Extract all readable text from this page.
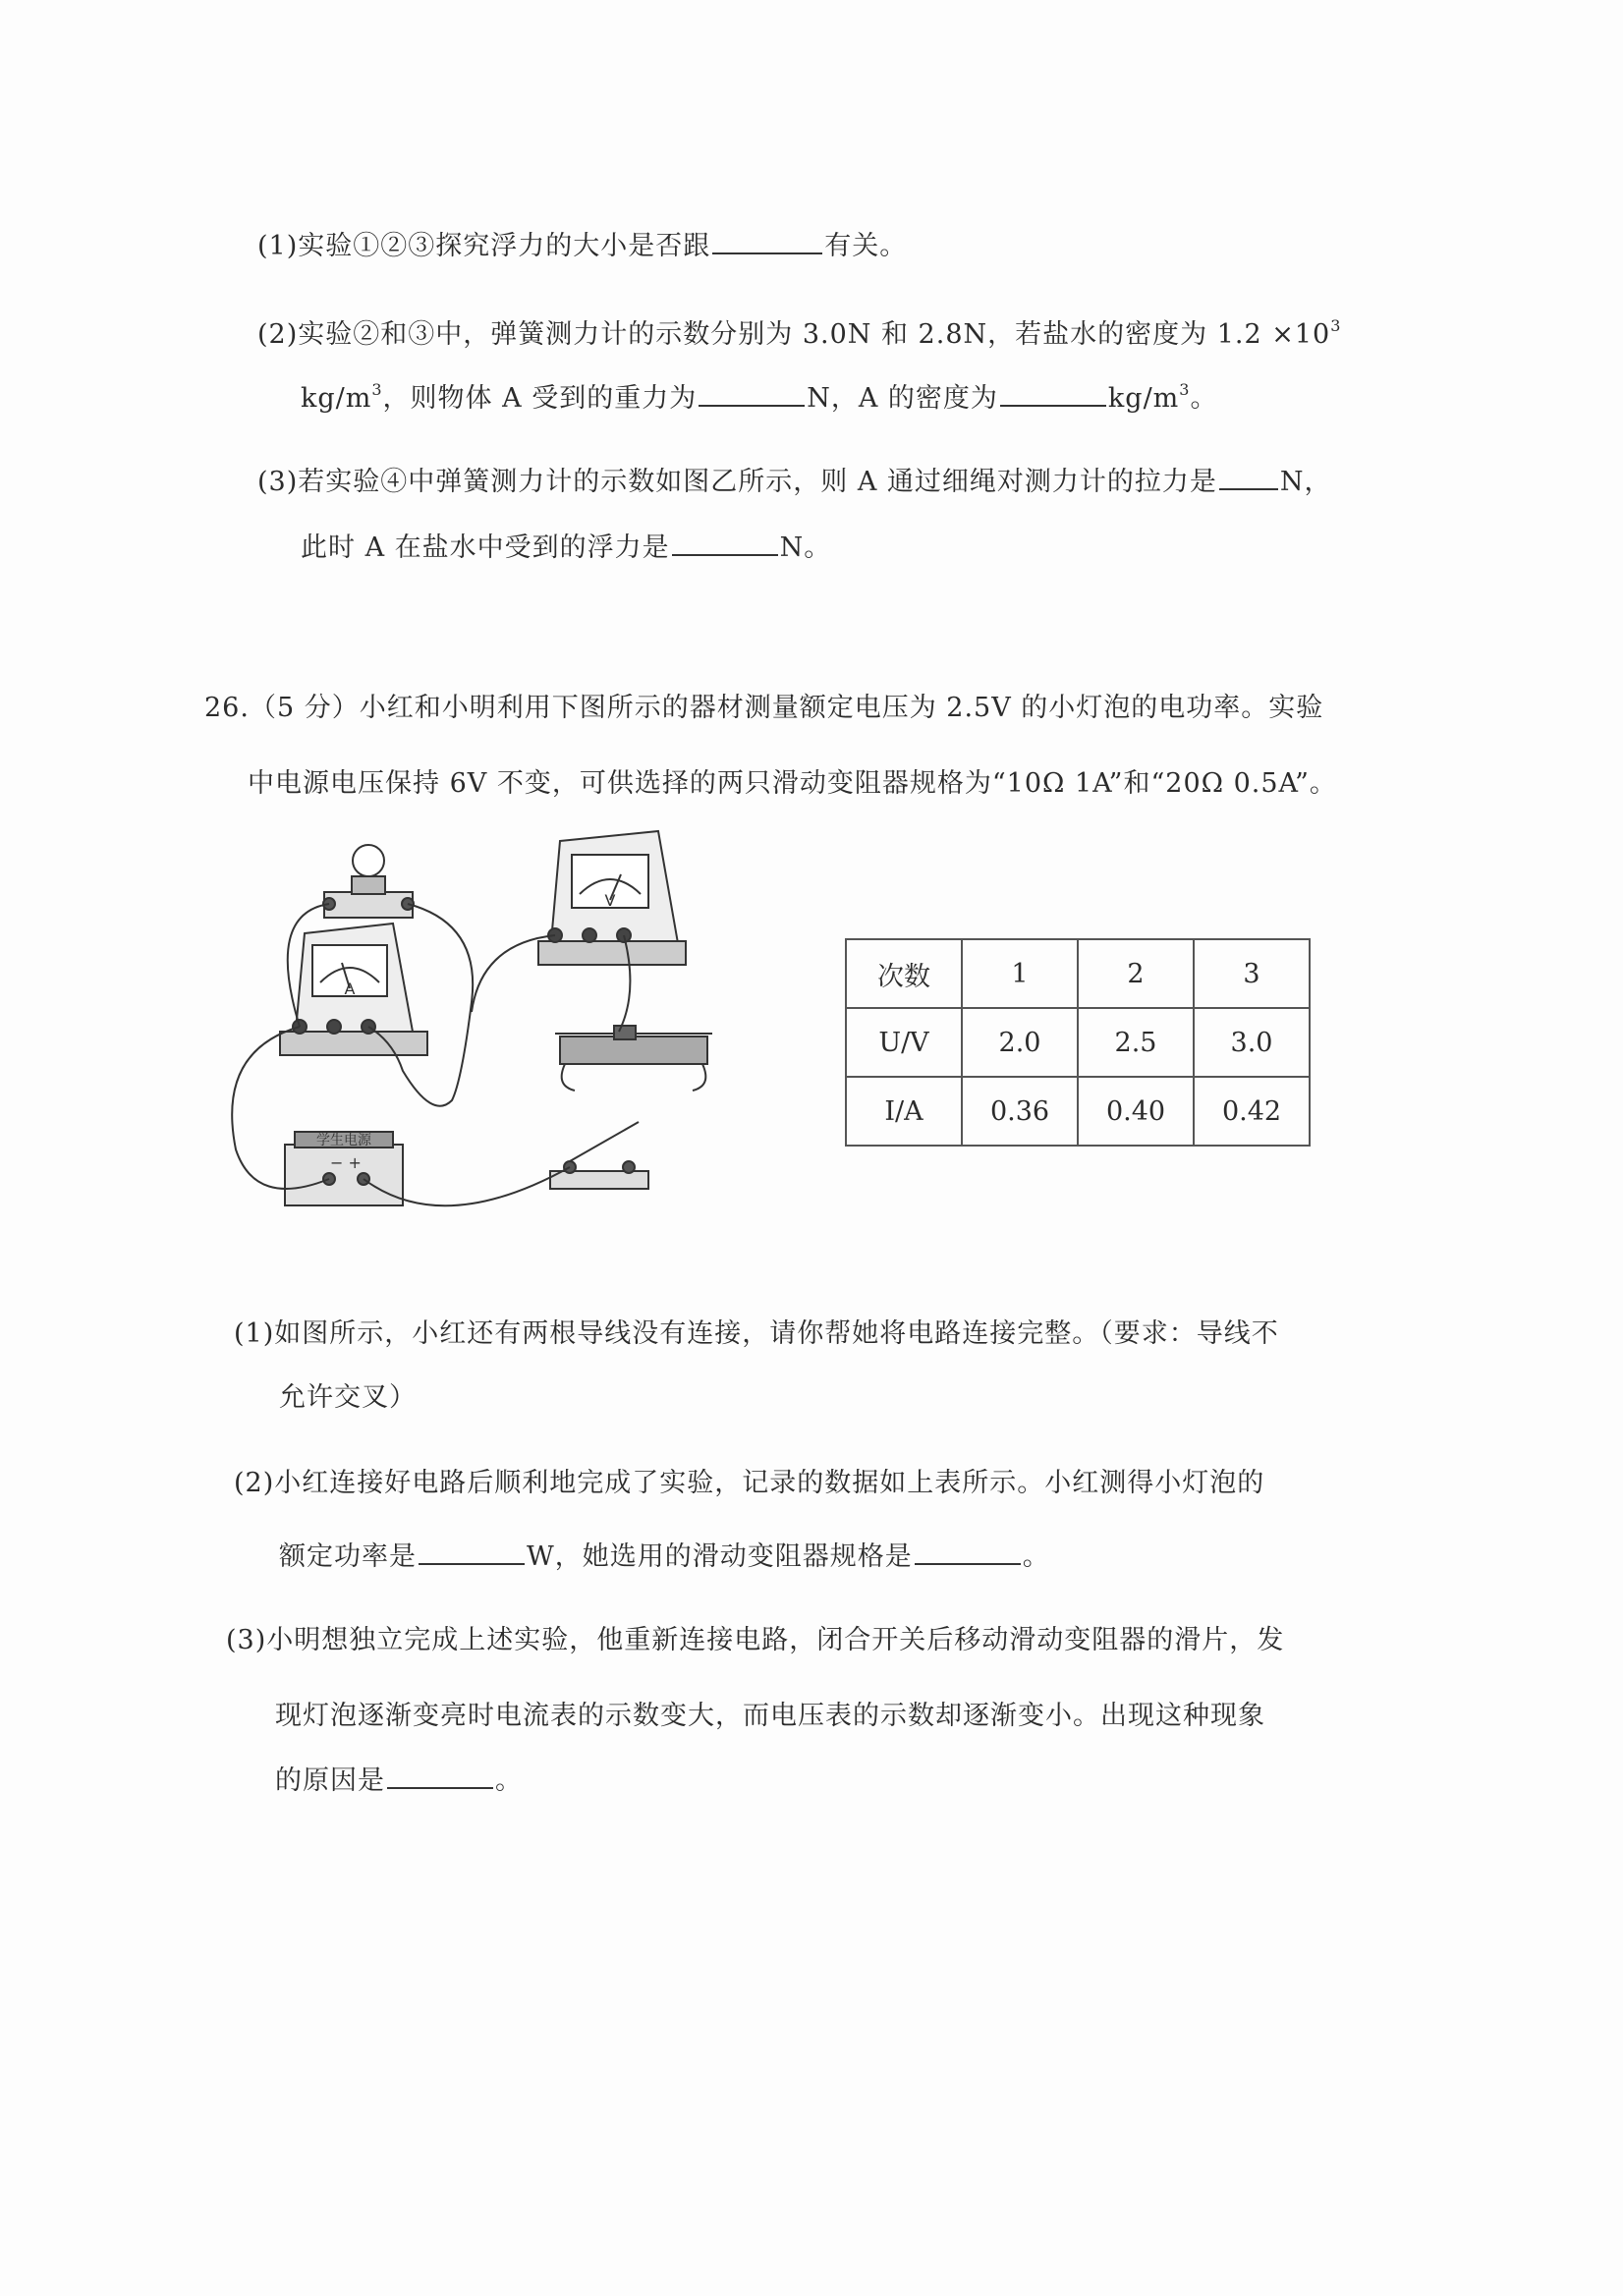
(1)实验①②③探究浮力的大小是否跟	有关。
(2)实验②和③中，弹簧测力计的示数分别为 3.0N 和 2.8N，若盐水的密度为 $1.2 \times 10^3$
$kg/m^3$，则物体 A 受到的重力为	N，A 的密度为	$kg/m^3$。
(3)若实验④中弹簧测力计的示数如图乙所示，则 A 通过细绳对测力计的拉力是 N，
此时 A 在盐水中受到的浮力是	N。
26.（5 分）小红和小明利用下图所示的器材测量额定电压为 2.5V 的小灯泡的电功率。实验
中电源电压保持 6V 不变，可供选择的两只滑动变阻器规格为“10Ω 1A”和“20Ω 0.5A”。
V
A
学生电源
− +
次数	1	2	3
U/V	2.0	2.5	3.0
I/A	0.36	0.40	0.42
(1)如图所示，小红还有两根导线没有连接，请你帮她将电路连接完整。（要求：导线不
允许交叉）
(2)小红连接好电路后顺利地完成了实验，记录的数据如上表所示。小红测得小灯泡的
额定功率是	W，她选用的滑动变阻器规格是	。
(3)小明想独立完成上述实验，他重新连接电路，闭合开关后移动滑动变阻器的滑片，发
现灯泡逐渐变亮时电流表的示数变大，而电压表的示数却逐渐变小。出现这种现象
的原因是	。
